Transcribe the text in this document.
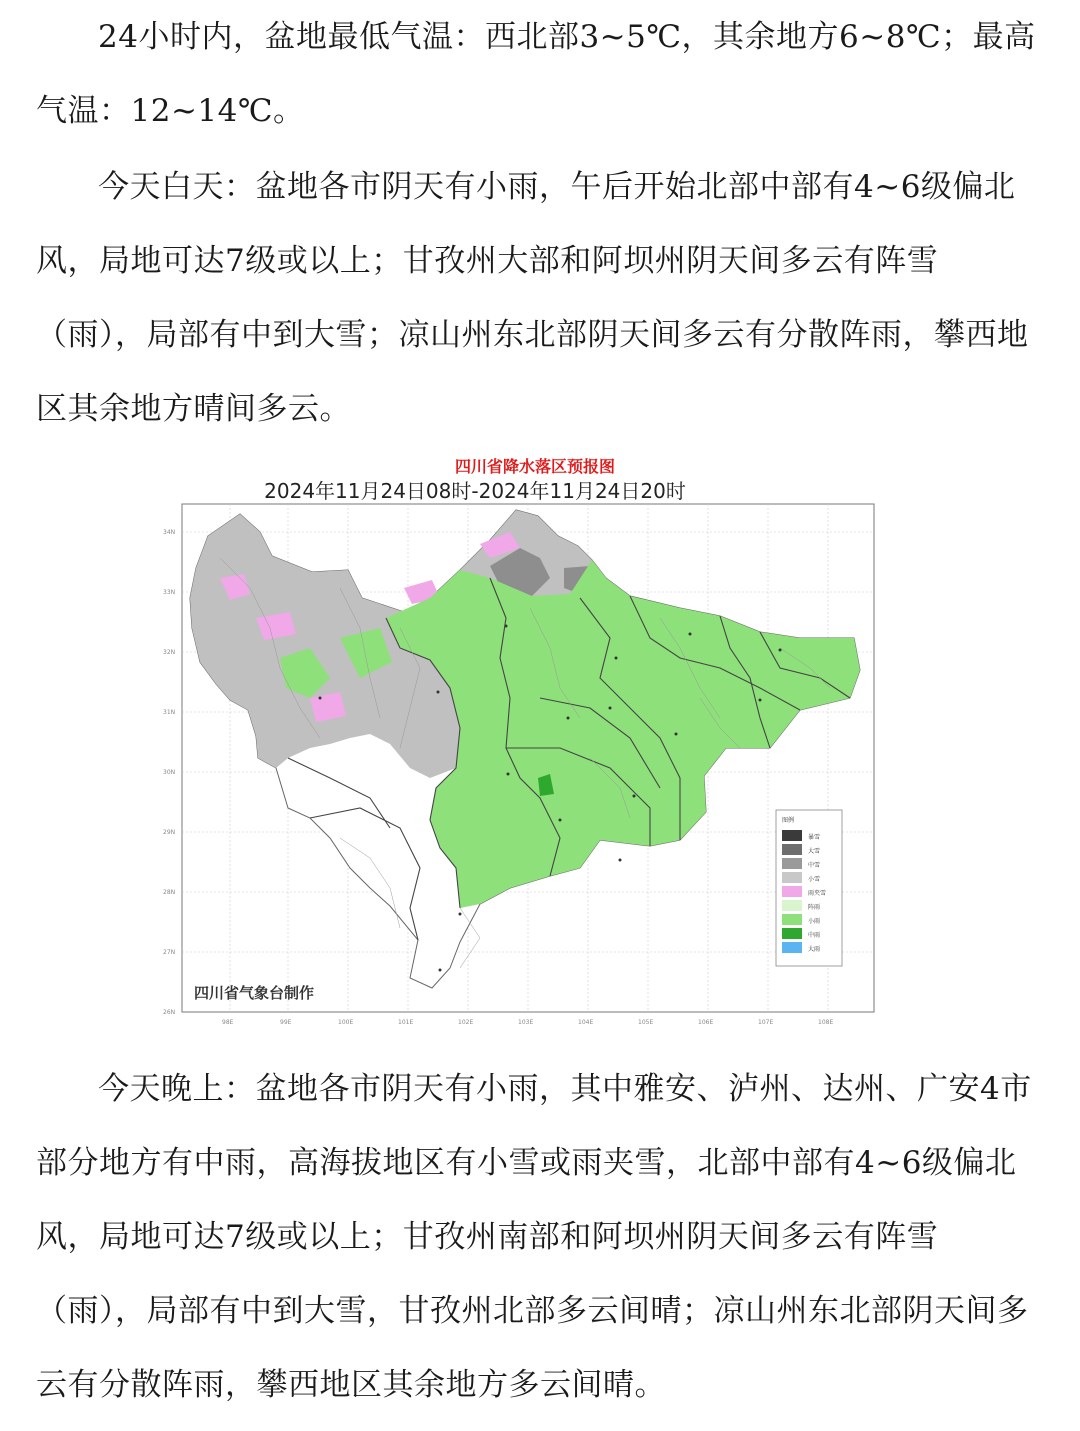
24小时内，盆地最低气温：西北部3~5℃，其余地方6~8℃；最高气温：12~14℃。

今天白天：盆地各市阴天有小雨，午后开始北部中部有4~6级偏北风，局地可达7级或以上；甘孜州大部和阿坝州阴天间多云有阵雪（雨），局部有中到大雪；凉山州东北部阴天间多云有分散阵雨，攀西地区其余地方晴间多云。

四川省降水落区预报图
2024年11月24日08时-2024年11月24日20时
34N
33N
32N
31N
30N
29N
28N
27N
26N
98E	99E	100E	101E	102E	103E	104E	105E	106E	107E	108E
图例
暴雪
大雪
中雪
小雪
雨夹雪
阵雨
小雨
中雨
大雨
四川省气象台制作

今天晚上：盆地各市阴天有小雨，其中雅安、泸州、达州、广安4市部分地方有中雨，高海拔地区有小雪或雨夹雪，北部中部有4~6级偏北风，局地可达7级或以上；甘孜州南部和阿坝州阴天间多云有阵雪（雨），局部有中到大雪，甘孜州北部多云间晴；凉山州东北部阴天间多云有分散阵雨，攀西地区其余地方多云间晴。
